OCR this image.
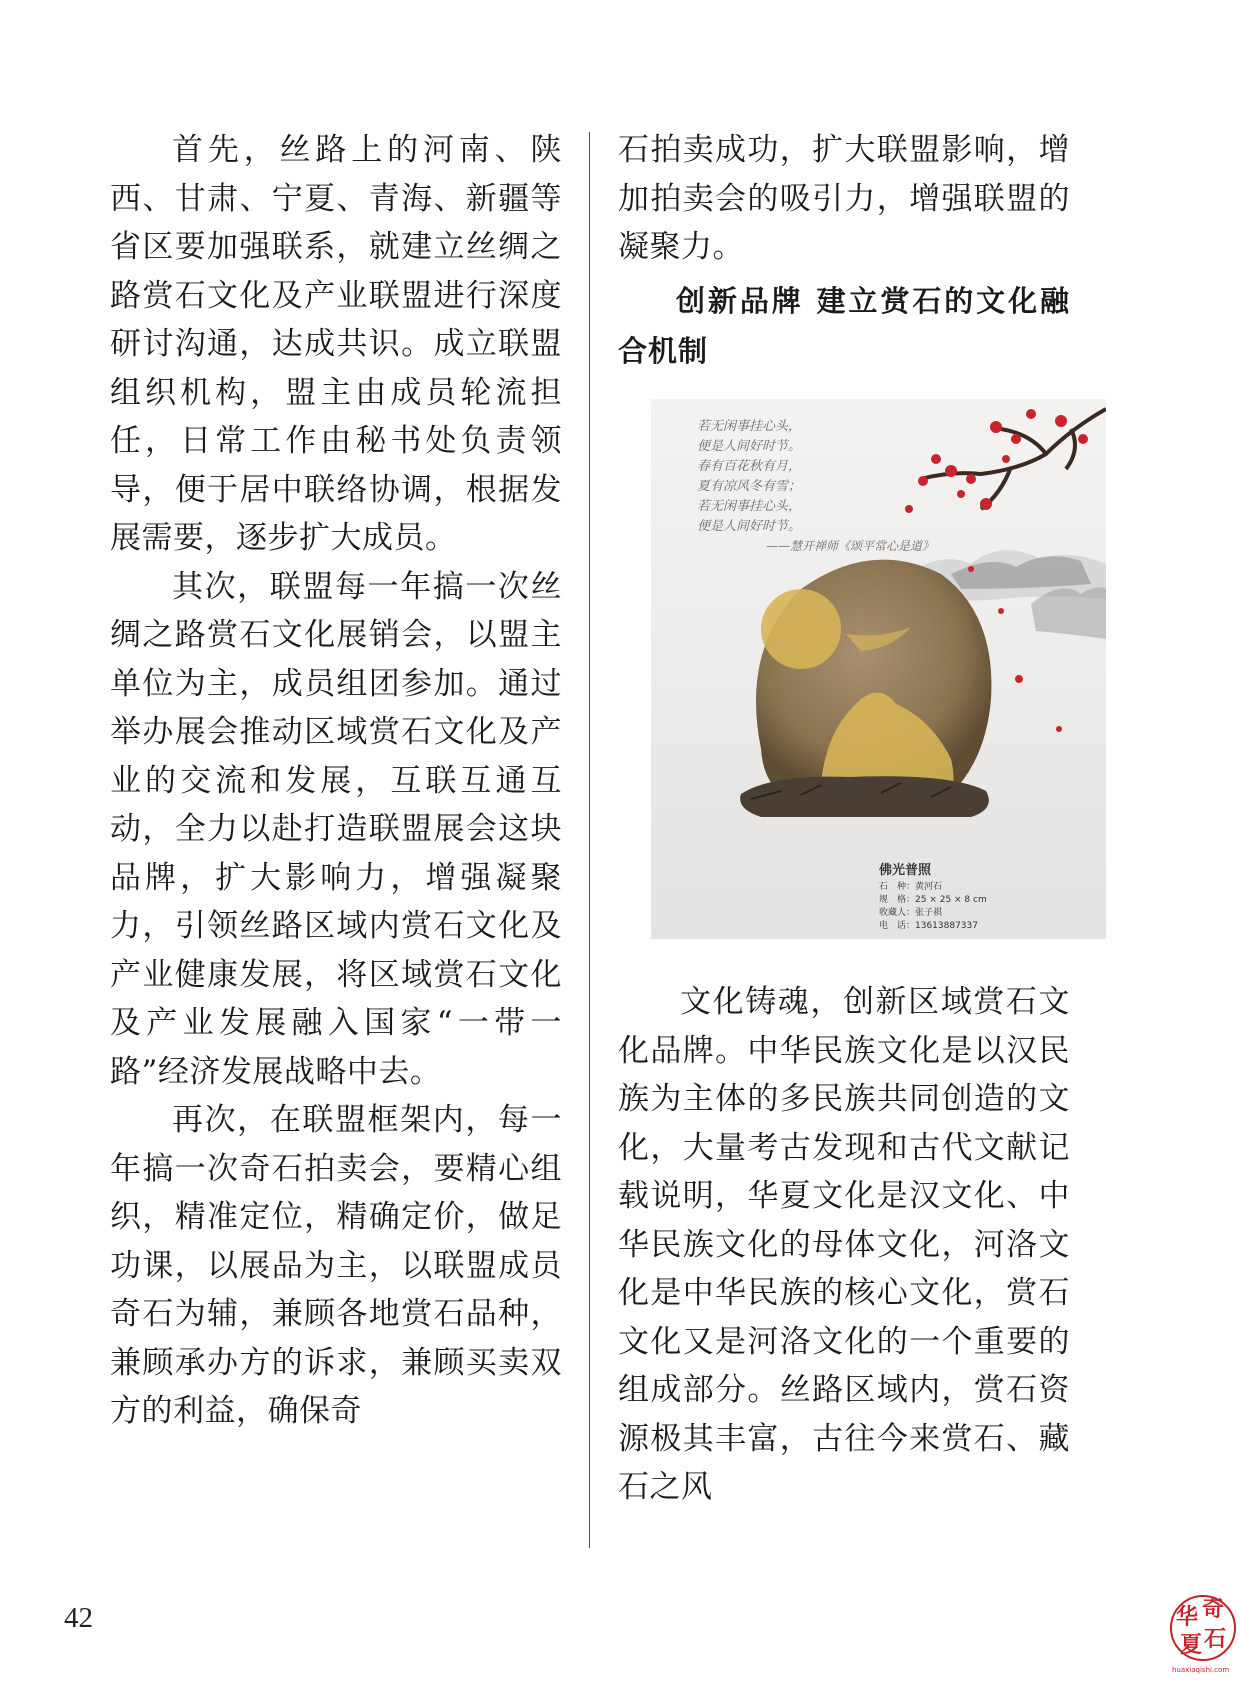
首先，丝路上的河南、陕西、甘肃、宁夏、青海、新疆等省区要加强联系，就建立丝绸之路赏石文化及产业联盟进行深度研讨沟通，达成共识。成立联盟组织机构，盟主由成员轮流担任，日常工作由秘书处负责领导，便于居中联络协调，根据发展需要，逐步扩大成员。

其次，联盟每一年搞一次丝绸之路赏石文化展销会，以盟主单位为主，成员组团参加。通过举办展会推动区域赏石文化及产业的交流和发展，互联互通互动，全力以赴打造联盟展会这块品牌，扩大影响力，增强凝聚力，引领丝路区域内赏石文化及产业健康发展，将区域赏石文化及产业发展融入国家“一带一路”经济发展战略中去。

再次，在联盟框架内，每一年搞一次奇石拍卖会，要精心组织，精准定位，精确定价，做足功课，以展品为主，以联盟成员奇石为辅，兼顾各地赏石品种，兼顾承办方的诉求，兼顾买卖双方的利益，确保奇

石拍卖成功，扩大联盟影响，增加拍卖会的吸引力，增强联盟的凝聚力。

创新品牌 建立赏石的文化融合机制
若无闲事挂心头，
便是人间好时节。
春有百花秋有月，
夏有凉风冬有雪；
若无闲事挂心头，
便是人间好时节。
——慧开禅师《颂平常心是道》
佛光普照
石　种：黄河石
规　格：25 × 25 × 8 cm
收藏人：张子祺
电　话：13613887337

文化铸魂，创新区域赏石文化品牌。中华民族文化是以汉民族为主体的多民族共同创造的文化，大量考古发现和古代文献记载说明，华夏文化是汉文化、中华民族文化的母体文化，河洛文化是中华民族的核心文化，赏石文化又是河洛文化的一个重要的组成部分。丝路区域内，赏石资源极其丰富，古往今来赏石、藏石之风

42	华 奇
夏 石
huaxiaqishi.com
